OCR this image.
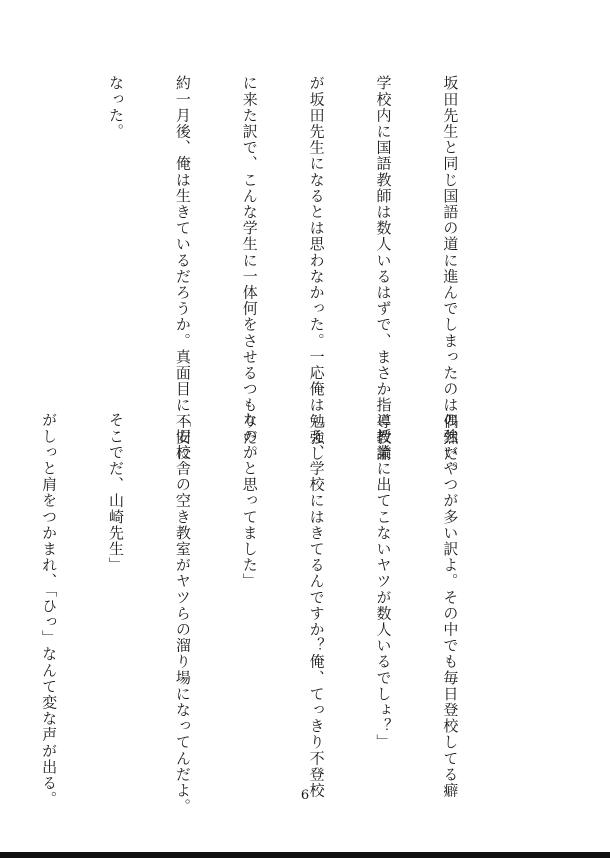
坂田先生と同じ国語の道に進んでしまったのは偶然だ。

学校内に国語教師は数人いるはずで、まさか指導教諭

が坂田先生になるとは思わなかった。一応俺は勉強し

に来た訳で、こんな学生に一体何をさせるつもりだ。

約一月後、俺は生きているだろうか。真面目に不安に

なった。

の強いやつが多い訳よ。その中でも毎日登校してる癖

に授業に出てこないヤツが数人いるでしょ？」

「え、学校にはきてるんですか？俺、てっきり不登校

なのかと思ってました」

「旧校舎の空き教室がヤツらの溜り場になってんだよ。

そこでだ、山崎先生」

がしっと肩をつかまれ、「ひっ」なんて変な声が出る。

	6
